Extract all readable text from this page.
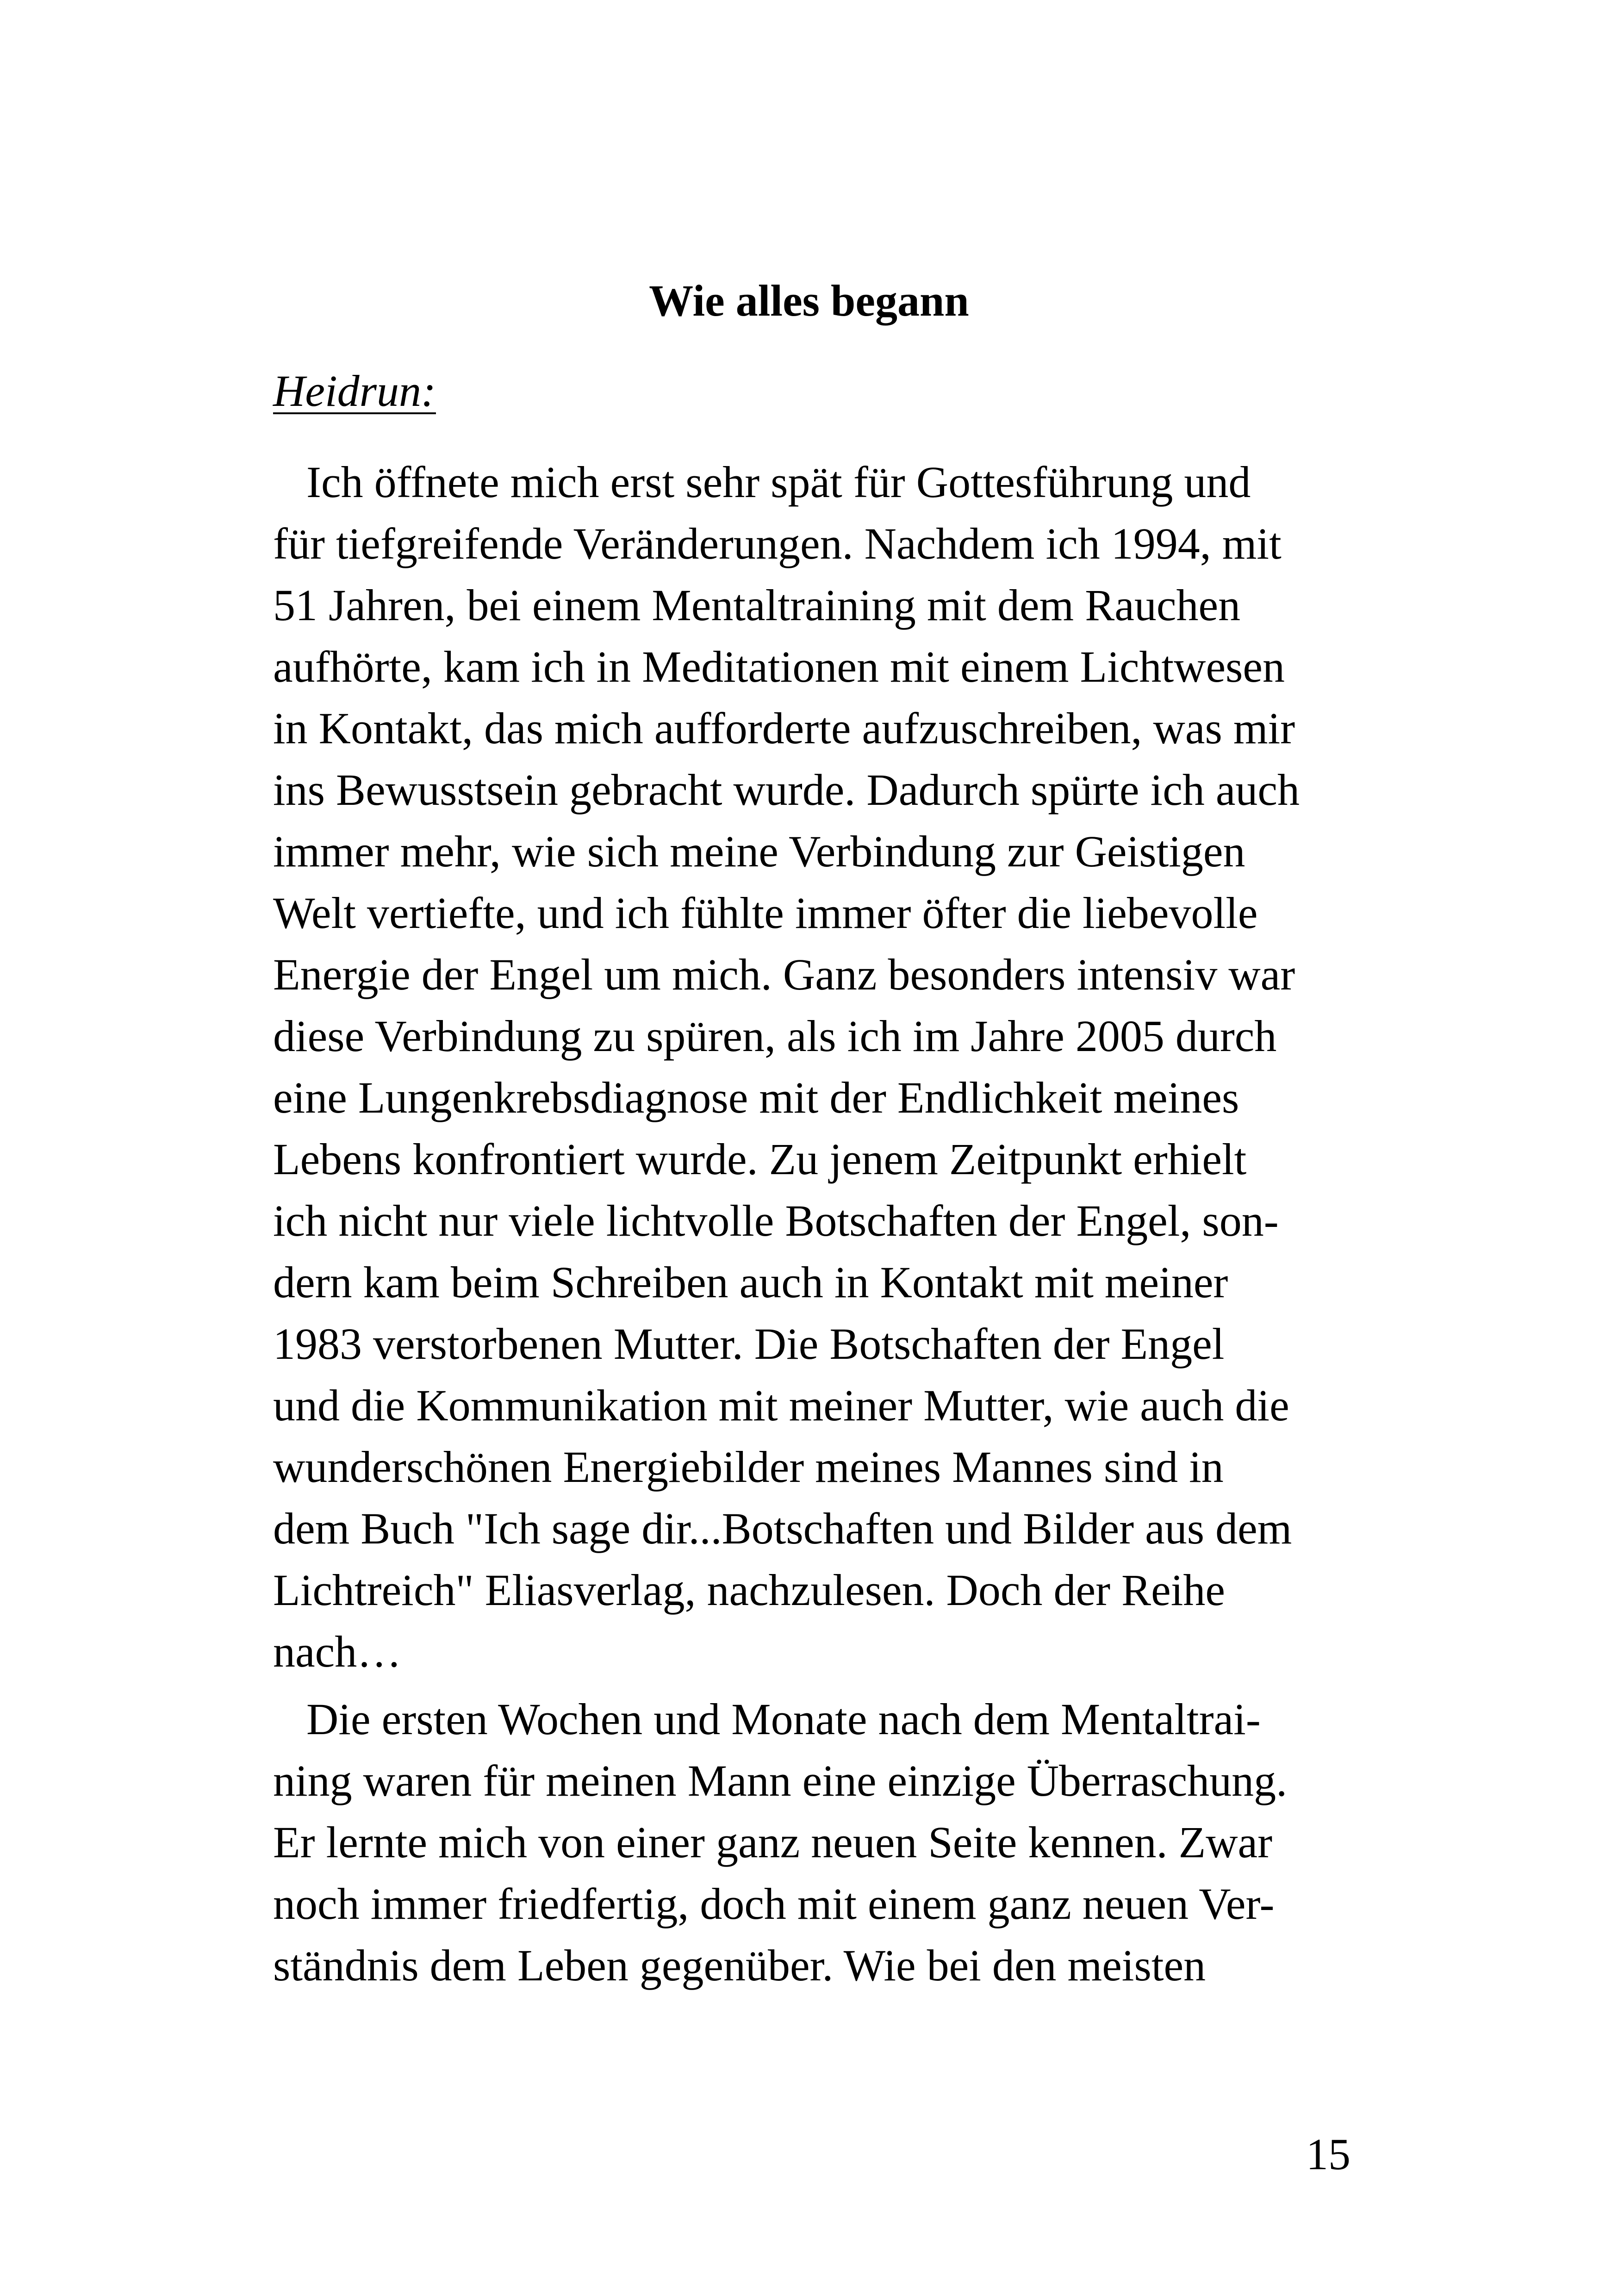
Wie alles begann

Heidrun:

Ich öffnete mich erst sehr spät für Gottesführung und
für tiefgreifende Veränderungen. Nachdem ich 1994, mit
51 Jahren, bei einem Mentaltraining mit dem Rauchen
aufhörte, kam ich in Meditationen mit einem Lichtwesen
in Kontakt, das mich aufforderte aufzuschreiben, was mir
ins Bewusstsein gebracht wurde. Dadurch spürte ich auch
immer mehr, wie sich meine Verbindung zur Geistigen
Welt vertiefte, und ich fühlte immer öfter die liebevolle
Energie der Engel um mich. Ganz besonders intensiv war
diese Verbindung zu spüren, als ich im Jahre 2005 durch
eine Lungenkrebsdiagnose mit der Endlichkeit meines
Lebens konfrontiert wurde. Zu jenem Zeitpunkt erhielt
ich nicht nur viele lichtvolle Botschaften der Engel, son-
dern kam beim Schreiben auch in Kontakt mit meiner
1983 verstorbenen Mutter. Die Botschaften der Engel
und die Kommunikation mit meiner Mutter, wie auch die
wunderschönen Energiebilder meines Mannes sind in
dem Buch "Ich sage dir...Botschaften und Bilder aus dem
Lichtreich" Eliasverlag, nachzulesen. Doch der Reihe
nach…

Die ersten Wochen und Monate nach dem Mentaltrai-
ning waren für meinen Mann eine einzige Überraschung.
Er lernte mich von einer ganz neuen Seite kennen. Zwar
noch immer friedfertig, doch mit einem ganz neuen Ver-
ständnis dem Leben gegenüber. Wie bei den meisten

15
